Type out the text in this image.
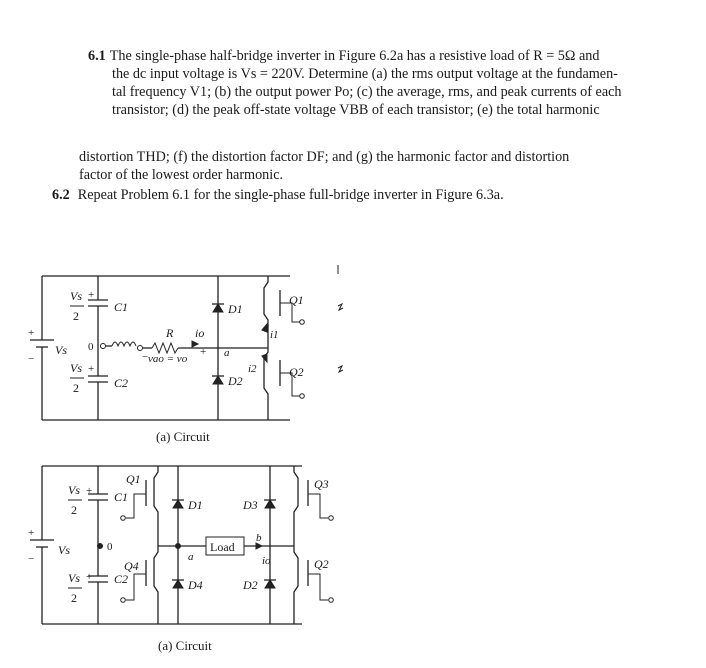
6.1 The single-phase half-bridge inverter in Figure 6.2a has a resistive load of R = 5Ω and
the dc input voltage is Vs = 220V. Determine (a) the rms output voltage at the fundamen-
tal frequency V1; (b) the output power Po; (c) the average, rms, and peak currents of each
transistor; (d) the peak off-state voltage VBB of each transistor; (e) the total harmonic
distortion THD; (f) the distortion factor DF; and (g) the harmonic factor and distortion
factor of the lowest order harmonic.
6.2 Repeat Problem 6.1 for the single-phase full-bridge inverter in Figure 6.3a.
+
−
Vs
C1
C2
Vs
2
+
Vs
2
+
0
R io
vao = vo
+
−	a
D1
D2
Q1
Q2
i1
i2
(a) Circuit
+
−
Vs
C1
C2
Vs
2
+
Vs
2
+
0
Q1
Q4
D1
D4
a
Load
b
io
D3
D2
Q3
Q2
(a) Circuit
